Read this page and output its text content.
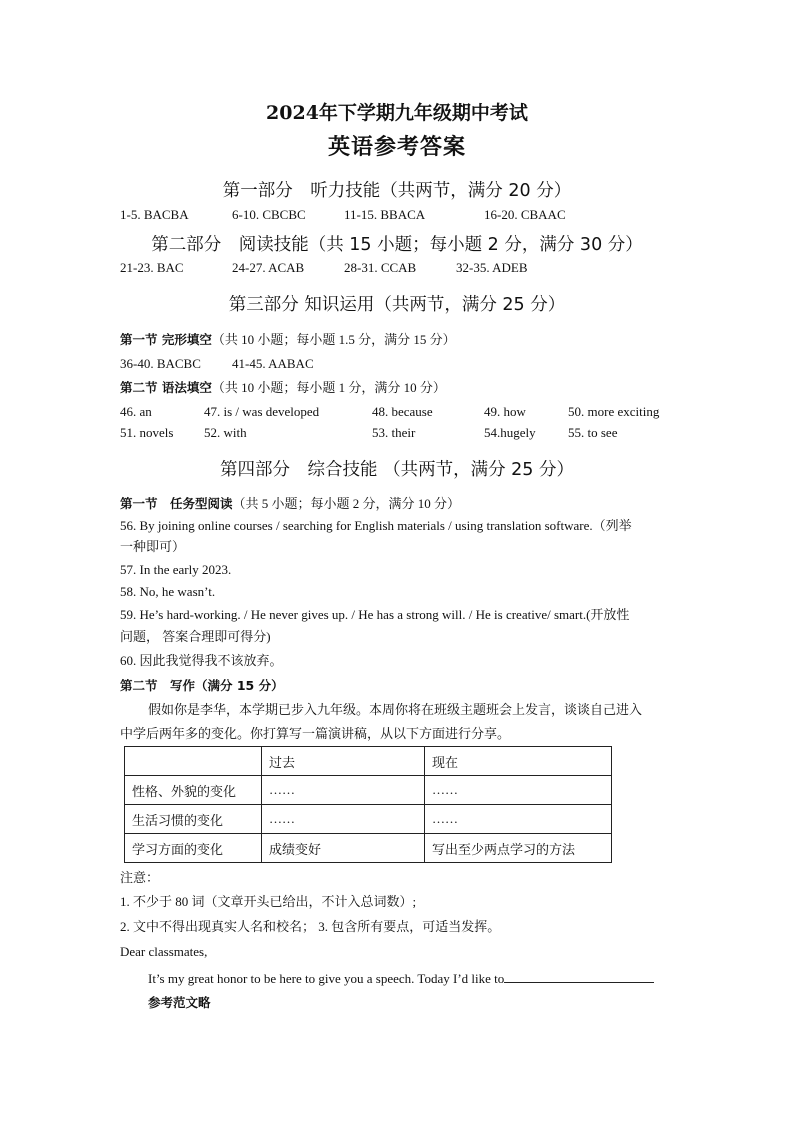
2024年下学期九年级期中考试
英语参考答案
第一部分　听力技能（共两节，满分 20 分）
1-5. BACBA	6-10. CBCBC	11-15. BBACA	16-20. CBAAC
第二部分　阅读技能（共 15 小题；每小题 2 分，满分 30 分）
21-23. BAC	24-27. ACAB	28-31. CCAB	32-35. ADEB
第三部分 知识运用（共两节，满分 25 分）
第一节 完形填空（共 10 小题；每小题 1.5 分，满分 15 分）
36-40. BACBC 41-45. AABAC
第二节 语法填空（共 10 小题；每小题 1 分，满分 10 分）
46. an	47. is / was developed	48. because	49. how	50. more exciting
51. novels 52. with	53. their	54.hugely 55. to see
第四部分　综合技能 （共两节，满分 25 分）
第一节　任务型阅读（共 5 小题；每小题 2 分，满分 10 分）
56. By joining online courses / searching for English materials / using translation software.（列举
一种即可）
57. In the early 2023.
58. No, he wasn’t.
59. He’s hard-working. / He never gives up. / He has a strong will. / He is creative/ smart.(开放性
问题， 答案合理即可得分)
60. 因此我觉得我不该放弃。
第二节　写作（满分 15 分）
假如你是李华，本学期已步入九年级。本周你将在班级主题班会上发言，谈谈自己进入
中学后两年多的变化。你打算写一篇演讲稿，从以下方面进行分享。
	过去	现在
性格、外貌的变化	……	……
生活习惯的变化	……	……
学习方面的变化	成绩变好	写出至少两点学习的方法
注意：
1. 不少于 80 词（文章开头已给出，不计入总词数）;
2. 文中不得出现真实人名和校名； 3. 包含所有要点，可适当发挥。
Dear classmates,
It’s my great honor to be here to give you a speech. Today I’d like to
参考范文略
